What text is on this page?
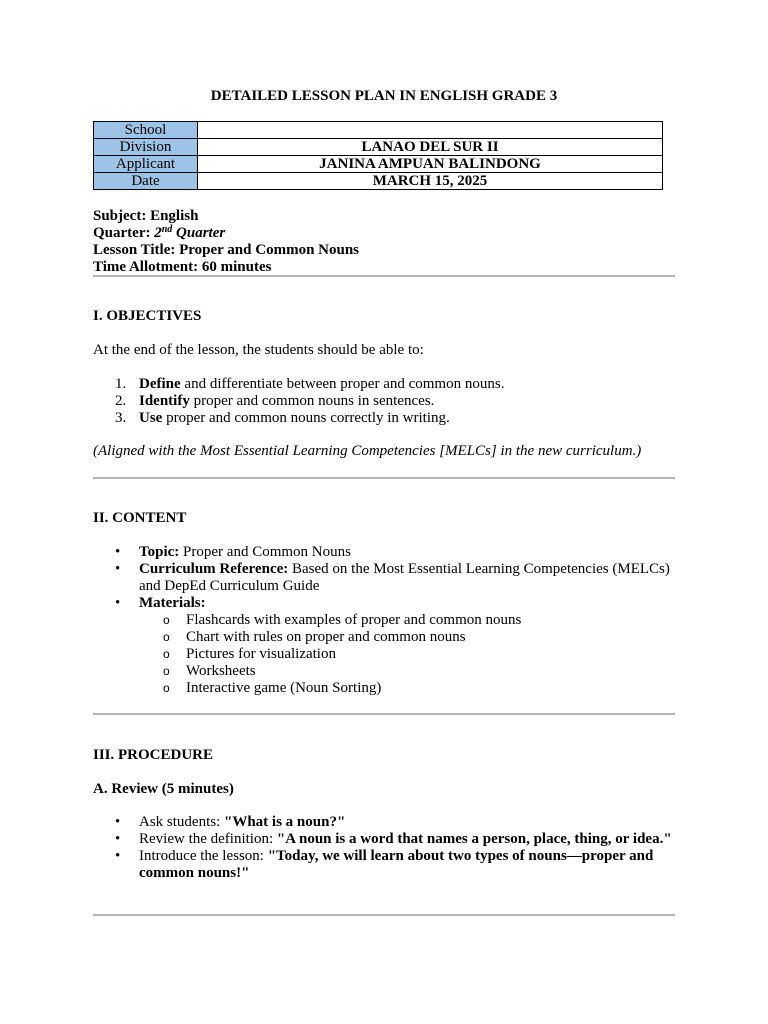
DETAILED LESSON PLAN IN ENGLISH GRADE 3
School	
Division	LANAO DEL SUR II
Applicant	JANINA AMPUAN BALINDONG
Date	MARCH 15, 2025
Subject: English
Quarter: 2nd Quarter
Lesson Title: Proper and Common Nouns
Time Allotment: 60 minutes
I. OBJECTIVES
At the end of the lesson, the students should be able to:
1. Define and differentiate between proper and common nouns.
2. Identify proper and common nouns in sentences.
3. Use proper and common nouns correctly in writing.
(Aligned with the Most Essential Learning Competencies [MELCs] in the new curriculum.)
II. CONTENT
• Topic: Proper and Common Nouns
• Curriculum Reference: Based on the Most Essential Learning Competencies (MELCs) and DepEd Curriculum Guide
• Materials:
o Flashcards with examples of proper and common nouns
o Chart with rules on proper and common nouns
o Pictures for visualization
o Worksheets
o Interactive game (Noun Sorting)
III. PROCEDURE
A. Review (5 minutes)
• Ask students: "What is a noun?"
• Review the definition: "A noun is a word that names a person, place, thing, or idea."
• Introduce the lesson: "Today, we will learn about two types of nouns—proper and common nouns!"
